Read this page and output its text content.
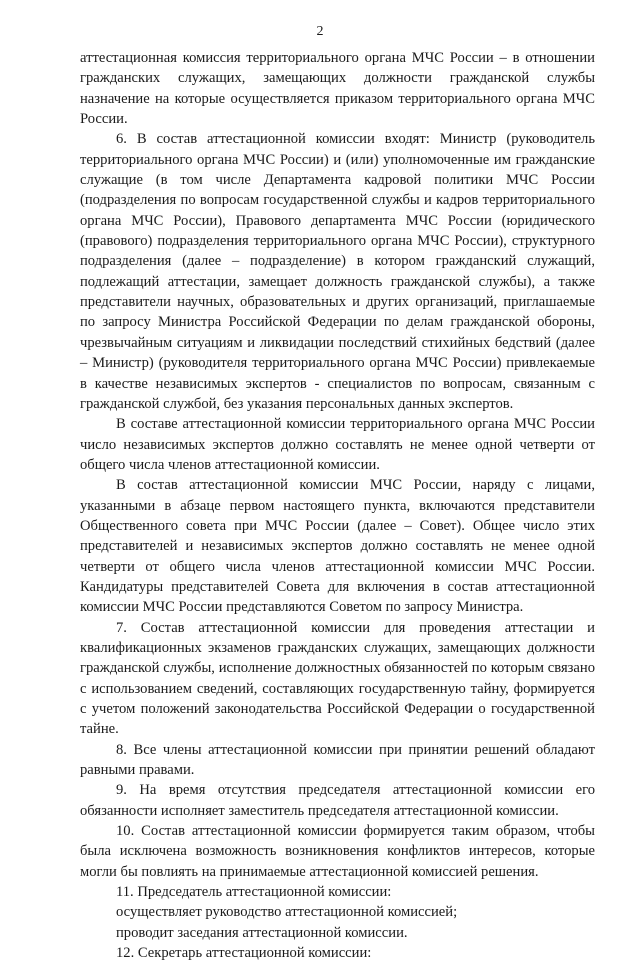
2

аттестационная комиссия территориального органа МЧС России – в отношении гражданских служащих, замещающих должности гражданской службы назначение на которые осуществляется приказом территориального органа МЧС России.

6. В состав аттестационной комиссии входят: Министр (руководитель территориального органа МЧС России) и (или) уполномоченные им гражданские служащие (в том числе Департамента кадровой политики МЧС России (подразделения по вопросам государственной службы и кадров территориального органа МЧС России), Правового департамента МЧС России (юридического (правового) подразделения территориального органа МЧС России), структурного подразделения (далее – подразделение) в котором гражданский служащий, подлежащий аттестации, замещает должность гражданской службы), а также представители научных, образовательных и других организаций, приглашаемые по запросу Министра Российской Федерации по делам гражданской обороны, чрезвычайным ситуациям и ликвидации последствий стихийных бедствий (далее – Министр) (руководителя территориального органа МЧС России) привлекаемые в качестве независимых экспертов - специалистов по вопросам, связанным с гражданской службой, без указания персональных данных экспертов.

В составе аттестационной комиссии территориального органа МЧС России число независимых экспертов должно составлять не менее одной четверти от общего числа членов аттестационной комиссии.

В состав аттестационной комиссии МЧС России, наряду с лицами, указанными в абзаце первом настоящего пункта, включаются представители Общественного совета при МЧС России (далее – Совет). Общее число этих представителей и независимых экспертов должно составлять не менее одной четверти от общего числа членов аттестационной комиссии МЧС России. Кандидатуры представителей Совета для включения в состав аттестационной комиссии МЧС России представляются Советом по запросу Министра.

7. Состав аттестационной комиссии для проведения аттестации и квалификационных экзаменов гражданских служащих, замещающих должности гражданской службы, исполнение должностных обязанностей по которым связано с использованием сведений, составляющих государственную тайну, формируется с учетом положений законодательства Российской Федерации о государственной тайне.

8. Все члены аттестационной комиссии при принятии решений обладают равными правами.

9. На время отсутствия председателя аттестационной комиссии его обязанности исполняет заместитель председателя аттестационной комиссии.

10. Состав аттестационной комиссии формируется таким образом, чтобы была исключена возможность возникновения конфликтов интересов, которые могли бы повлиять на принимаемые аттестационной комиссией решения.

11. Председатель аттестационной комиссии:

осуществляет руководство аттестационной комиссией;

проводит заседания аттестационной комиссии.

12. Секретарь аттестационной комиссии:
